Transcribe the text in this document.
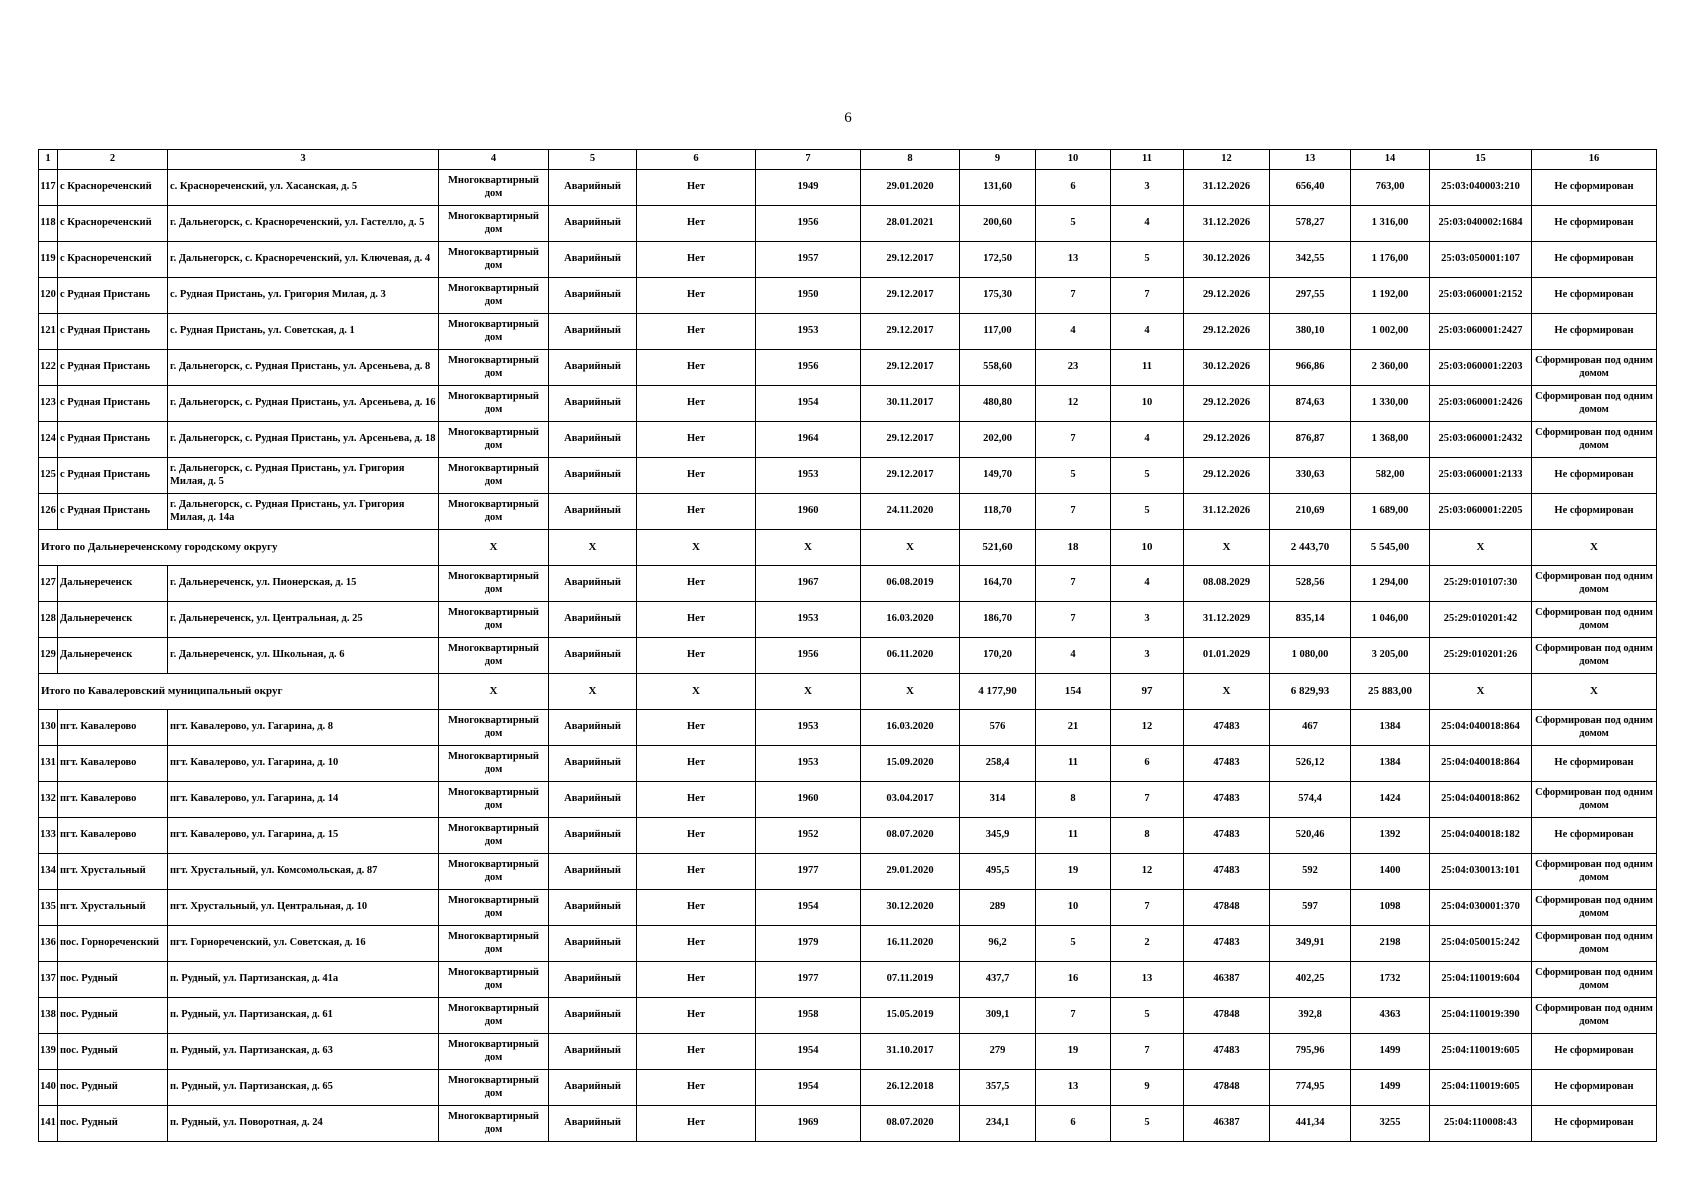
6
1	2	3	4	5	6	7	8	9	10	11	12	13	14	15	16
117	с Краснореченский	с. Краснореченский, ул. Хасанская, д. 5	Многоквартирный дом	Аварийный	Нет	1949	29.01.2020	131,60	6	3	31.12.2026	656,40	763,00	25:03:040003:210	Не сформирован
118	с Краснореченский	г. Дальнегорск, с. Краснореченский, ул. Гастелло, д. 5	Многоквартирный дом	Аварийный	Нет	1956	28.01.2021	200,60	5	4	31.12.2026	578,27	1 316,00	25:03:040002:1684	Не сформирован
119	с Краснореченский	г. Дальнегорск, с. Краснореченский, ул. Ключевая, д. 4	Многоквартирный дом	Аварийный	Нет	1957	29.12.2017	172,50	13	5	30.12.2026	342,55	1 176,00	25:03:050001:107	Не сформирован
120	с Рудная Пристань	с. Рудная Пристань, ул. Григория Милая, д. 3	Многоквартирный дом	Аварийный	Нет	1950	29.12.2017	175,30	7	7	29.12.2026	297,55	1 192,00	25:03:060001:2152	Не сформирован
121	с Рудная Пристань	с. Рудная Пристань, ул. Советская, д. 1	Многоквартирный дом	Аварийный	Нет	1953	29.12.2017	117,00	4	4	29.12.2026	380,10	1 002,00	25:03:060001:2427	Не сформирован
122	с Рудная Пристань	г. Дальнегорск, с. Рудная Пристань, ул. Арсеньева, д. 8	Многоквартирный дом	Аварийный	Нет	1956	29.12.2017	558,60	23	11	30.12.2026	966,86	2 360,00	25:03:060001:2203	Сформирован под одним домом
123	с Рудная Пристань	г. Дальнегорск, с. Рудная Пристань, ул. Арсеньева, д. 16	Многоквартирный дом	Аварийный	Нет	1954	30.11.2017	480,80	12	10	29.12.2026	874,63	1 330,00	25:03:060001:2426	Сформирован под одним домом
124	с Рудная Пристань	г. Дальнегорск, с. Рудная Пристань, ул. Арсеньева, д. 18	Многоквартирный дом	Аварийный	Нет	1964	29.12.2017	202,00	7	4	29.12.2026	876,87	1 368,00	25:03:060001:2432	Сформирован под одним домом
125	с Рудная Пристань	г. Дальнегорск, с. Рудная Пристань, ул. Григория Милая, д. 5	Многоквартирный дом	Аварийный	Нет	1953	29.12.2017	149,70	5	5	29.12.2026	330,63	582,00	25:03:060001:2133	Не сформирован
126	с Рудная Пристань	г. Дальнегорск, с. Рудная Пристань, ул. Григория Милая, д. 14а	Многоквартирный дом	Аварийный	Нет	1960	24.11.2020	118,70	7	5	31.12.2026	210,69	1 689,00	25:03:060001:2205	Не сформирован
Итого по Дальнереченскому городскому округу			X	X	X	X	X	521,60	18	10	X	2 443,70	5 545,00	X	X
127	Дальнереченск	г. Дальнереченск, ул. Пионерская, д. 15	Многоквартирный дом	Аварийный	Нет	1967	06.08.2019	164,70	7	4	08.08.2029	528,56	1 294,00	25:29:010107:30	Сформирован под одним домом
128	Дальнереченск	г. Дальнереченск, ул. Центральная, д. 25	Многоквартирный дом	Аварийный	Нет	1953	16.03.2020	186,70	7	3	31.12.2029	835,14	1 046,00	25:29:010201:42	Сформирован под одним домом
129	Дальнереченск	г. Дальнереченск, ул. Школьная, д. 6	Многоквартирный дом	Аварийный	Нет	1956	06.11.2020	170,20	4	3	01.01.2029	1 080,00	3 205,00	25:29:010201:26	Сформирован под одним домом
Итого по Кавалеровский муниципальный округ			X	X	X	X	X	4 177,90	154	97	X	6 829,93	25 883,00	X	X
130	пгт. Кавалерово	пгт. Кавалерово, ул. Гагарина, д. 8	Многоквартирный дом	Аварийный	Нет	1953	16.03.2020	576	21	12	47483	467	1384	25:04:040018:864	Сформирован под одним домом
131	пгт. Кавалерово	пгт. Кавалерово, ул. Гагарина, д. 10	Многоквартирный дом	Аварийный	Нет	1953	15.09.2020	258,4	11	6	47483	526,12	1384	25:04:040018:864	Не сформирован
132	пгт. Кавалерово	пгт. Кавалерово, ул. Гагарина, д. 14	Многоквартирный дом	Аварийный	Нет	1960	03.04.2017	314	8	7	47483	574,4	1424	25:04:040018:862	Сформирован под одним домом
133	пгт. Кавалерово	пгт. Кавалерово, ул. Гагарина, д. 15	Многоквартирный дом	Аварийный	Нет	1952	08.07.2020	345,9	11	8	47483	520,46	1392	25:04:040018:182	Не сформирован
134	пгт. Хрустальный	пгт. Хрустальный, ул. Комсомольская, д. 87	Многоквартирный дом	Аварийный	Нет	1977	29.01.2020	495,5	19	12	47483	592	1400	25:04:030013:101	Сформирован под одним домом
135	пгт. Хрустальный	пгт. Хрустальный, ул. Центральная, д. 10	Многоквартирный дом	Аварийный	Нет	1954	30.12.2020	289	10	7	47848	597	1098	25:04:030001:370	Сформирован под одним домом
136	пос. Горнореченский	пгт. Горнореченский, ул. Советская, д. 16	Многоквартирный дом	Аварийный	Нет	1979	16.11.2020	96,2	5	2	47483	349,91	2198	25:04:050015:242	Сформирован под одним домом
137	пос. Рудный	п. Рудный, ул. Партизанская, д. 41а	Многоквартирный дом	Аварийный	Нет	1977	07.11.2019	437,7	16	13	46387	402,25	1732	25:04:110019:604	Сформирован под одним домом
138	пос. Рудный	п. Рудный, ул. Партизанская, д. 61	Многоквартирный дом	Аварийный	Нет	1958	15.05.2019	309,1	7	5	47848	392,8	4363	25:04:110019:390	Сформирован под одним домом
139	пос. Рудный	п. Рудный, ул. Партизанская, д. 63	Многоквартирный дом	Аварийный	Нет	1954	31.10.2017	279	19	7	47483	795,96	1499	25:04:110019:605	Не сформирован
140	пос. Рудный	п. Рудный, ул. Партизанская, д. 65	Многоквартирный дом	Аварийный	Нет	1954	26.12.2018	357,5	13	9	47848	774,95	1499	25:04:110019:605	Не сформирован
141	пос. Рудный	п. Рудный, ул. Поворотная, д. 24	Многоквартирный дом	Аварийный	Нет	1969	08.07.2020	234,1	6	5	46387	441,34	3255	25:04:110008:43	Не сформирован
